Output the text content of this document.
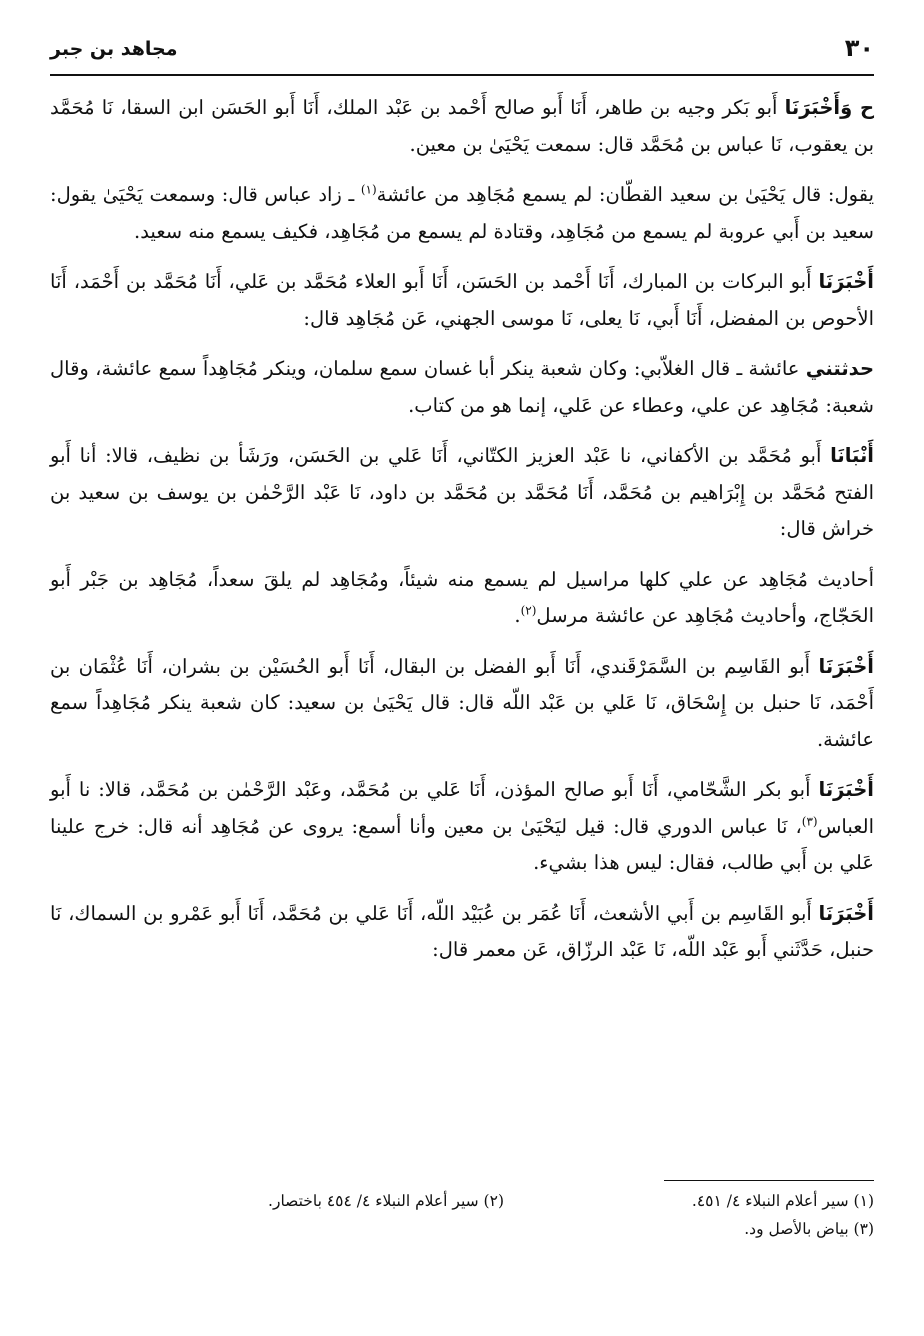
٣٠
مجاهد بن جبر

ح وَأَخْبَرَنَا أَبو بَكر وجيه بن طاهر، أَنَا أَبو صالح أَحْمد بن عَبْد الملك، أَنَا أَبو الحَسَن ابن السقا، نَا مُحَمَّد بن يعقوب، نَا عباس بن مُحَمَّد قال: سمعت يَحْيَىٰ بن معين.

يقول: قال يَحْيَىٰ بن سعيد القطّان: لم يسمع مُجَاهِد من عائشة$^{(١)}$ ـ زاد عباس قال: وسمعت يَحْيَىٰ يقول: سعيد بن أَبي عروبة لم يسمع من مُجَاهِد، وقتادة لم يسمع من مُجَاهِد، فكيف يسمع منه سعيد.

أَخْبَرَنَا أَبو البركات بن المبارك، أَنَا أَحْمد بن الحَسَن، أَنَا أَبو العلاء مُحَمَّد بن عَلي، أَنَا مُحَمَّد بن أَحْمَد، أَنَا الأحوص بن المفضل، أَنَا أَبي، نَا يعلى، نَا موسى الجهني، عَن مُجَاهِد قال:

حدثتني عائشة ـ قال الغلاّبي: وكان شعبة ينكر أبا غسان سمع سلمان، وينكر مُجَاهِداً سمع عائشة، وقال شعبة: مُجَاهِد عن علي، وعطاء عن عَلي، إنما هو من كتاب.

أَنْبَانَا أَبو مُحَمَّد بن الأكفاني، نا عَبْد العزيز الكتّاني، أَنَا عَلي بن الحَسَن، ورَشَأ بن نظيف، قالا: أنا أَبو الفتح مُحَمَّد بن إِبْرَاهيم بن مُحَمَّد، أَنَا مُحَمَّد بن مُحَمَّد بن داود، نَا عَبْد الرَّحْمٰن بن يوسف بن سعيد بن خراش قال:

أحاديث مُجَاهِد عن علي كلها مراسيل لم يسمع منه شيئاً، ومُجَاهِد لم يلقَ سعداً، مُجَاهِد بن جَبْر أَبو الحَجّاج، وأحاديث مُجَاهِد عن عائشة مرسل$^{(٢)}$.

أَخْبَرَنَا أَبو القَاسِم بن السَّمَرْقَندي، أَنَا أَبو الفضل بن البقال، أَنَا أَبو الحُسَيْن بن بشران، أَنَا عُثْمَان بن أَحْمَد، نَا حنبل بن إِسْحَاق، نَا عَلي بن عَبْد اللّه قال: قال يَحْيَىٰ بن سعيد: كان شعبة ينكر مُجَاهِداً سمع عائشة.

أَخْبَرَنَا أَبو بكر الشَّحّامي، أَنَا أَبو صالح المؤذن، أَنَا عَلي بن مُحَمَّد، وعَبْد الرَّحْمٰن بن مُحَمَّد، قالا: نا أَبو العباس$^{(٣)}$، نَا عباس الدوري قال: قيل ليَحْيَىٰ بن معين وأنا أسمع: يروى عن مُجَاهِد أنه قال: خرج علينا عَلي بن أَبي طالب، فقال: ليس هذا بشيء.

أَخْبَرَنَا أَبو القَاسِم بن أَبي الأشعث، أَنَا عُمَر بن عُبَيْد اللّه، أَنَا عَلي بن مُحَمَّد، أَنَا أَبو عَمْرو بن السماك، نَا حنبل، حَدَّثَني أَبو عَبْد اللّه، نَا عَبْد الرزّاق، عَن معمر قال:

(١) سير أعلام النبلاء ٤/ ٤٥١.
(٢) سير أعلام النبلاء ٤/ ٤٥٤ باختصار.
(٣) بياض بالأصل ود.
